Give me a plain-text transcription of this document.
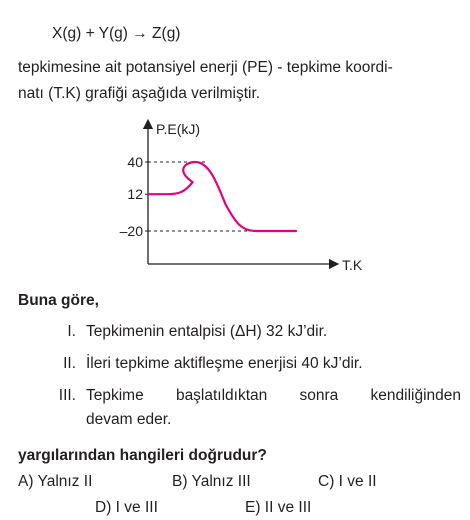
X(g) + Y(g) → Z(g)
tepkimesine ait potansiyel enerji (PE) - tepkime koordi-
natı (T.K) grafiği aşağıda verilmiştir.
P.E(kJ)
T.K
40
12
–20
Buna göre,
I. Tepkimenin entalpisi (ΔH) 32 kJ’dir.
II. İleri tepkime aktifleşme enerjisi 40 kJ’dir.
III. Tepkime başlatıldıktan sonra kendiliğinden
devam eder.
yargılarından hangileri doğrudur?
A) Yalnız II	B) Yalnız III	C) I ve II
D) I ve III	E) II ve III
